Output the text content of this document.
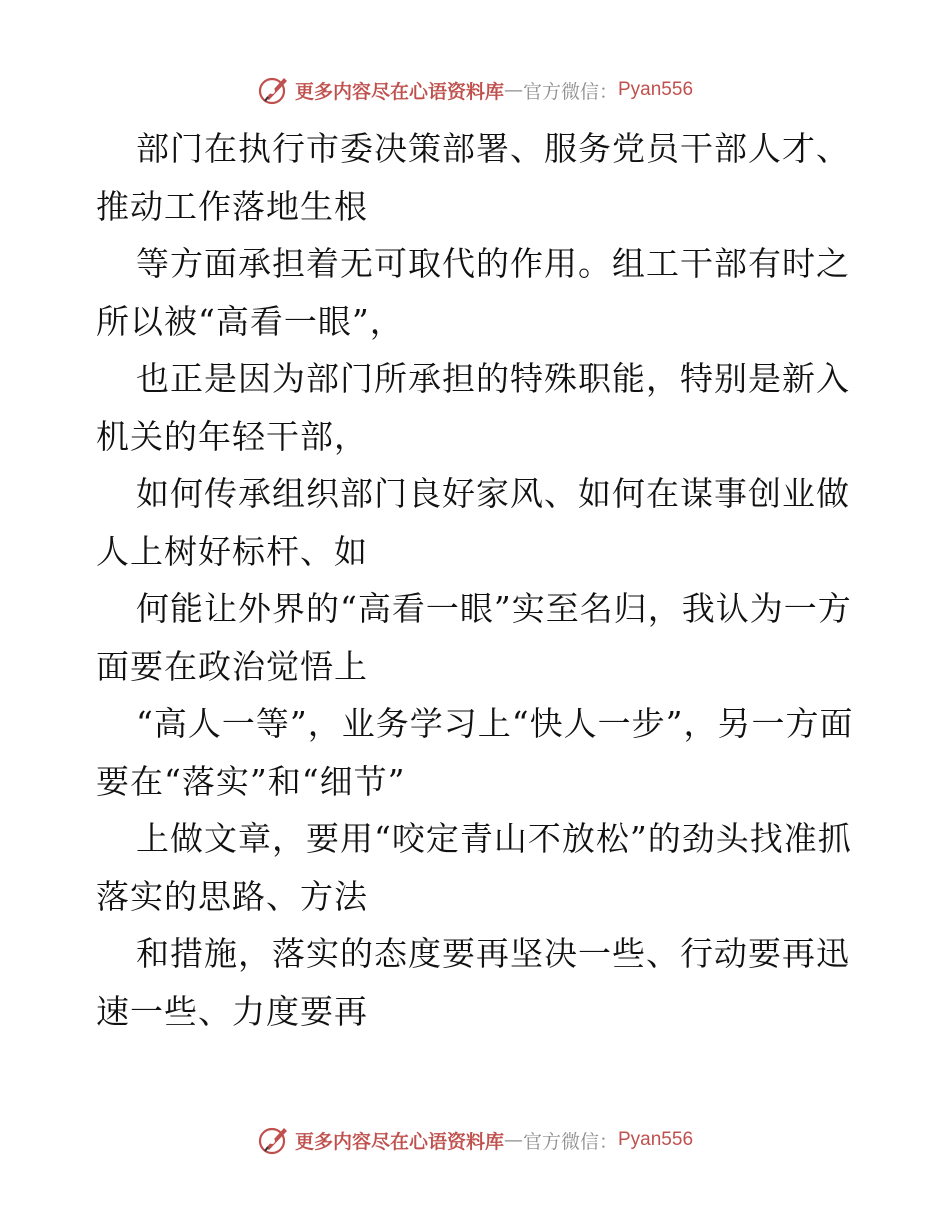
更多内容尽在心语资料库 — 官方微信： Pyan556

部门在执行市委决策部署、服务党员干部人才、推动工作落地生根

等方面承担着无可取代的作用。组工干部有时之所以被“高看一眼”，

也正是因为部门所承担的特殊职能，特别是新入机关的年轻干部，

如何传承组织部门良好家风、如何在谋事创业做人上树好标杆、如

何能让外界的“高看一眼”实至名归，我认为一方面要在政治觉悟上

“高人一等”，业务学习上“快人一步”，另一方面要在“落实”和“细节”

上做文章，要用“咬定青山不放松”的劲头找准抓落实的思路、方法

和措施，落实的态度要再坚决一些、行动要再迅速一些、力度要再

更多内容尽在心语资料库 — 官方微信： Pyan556
